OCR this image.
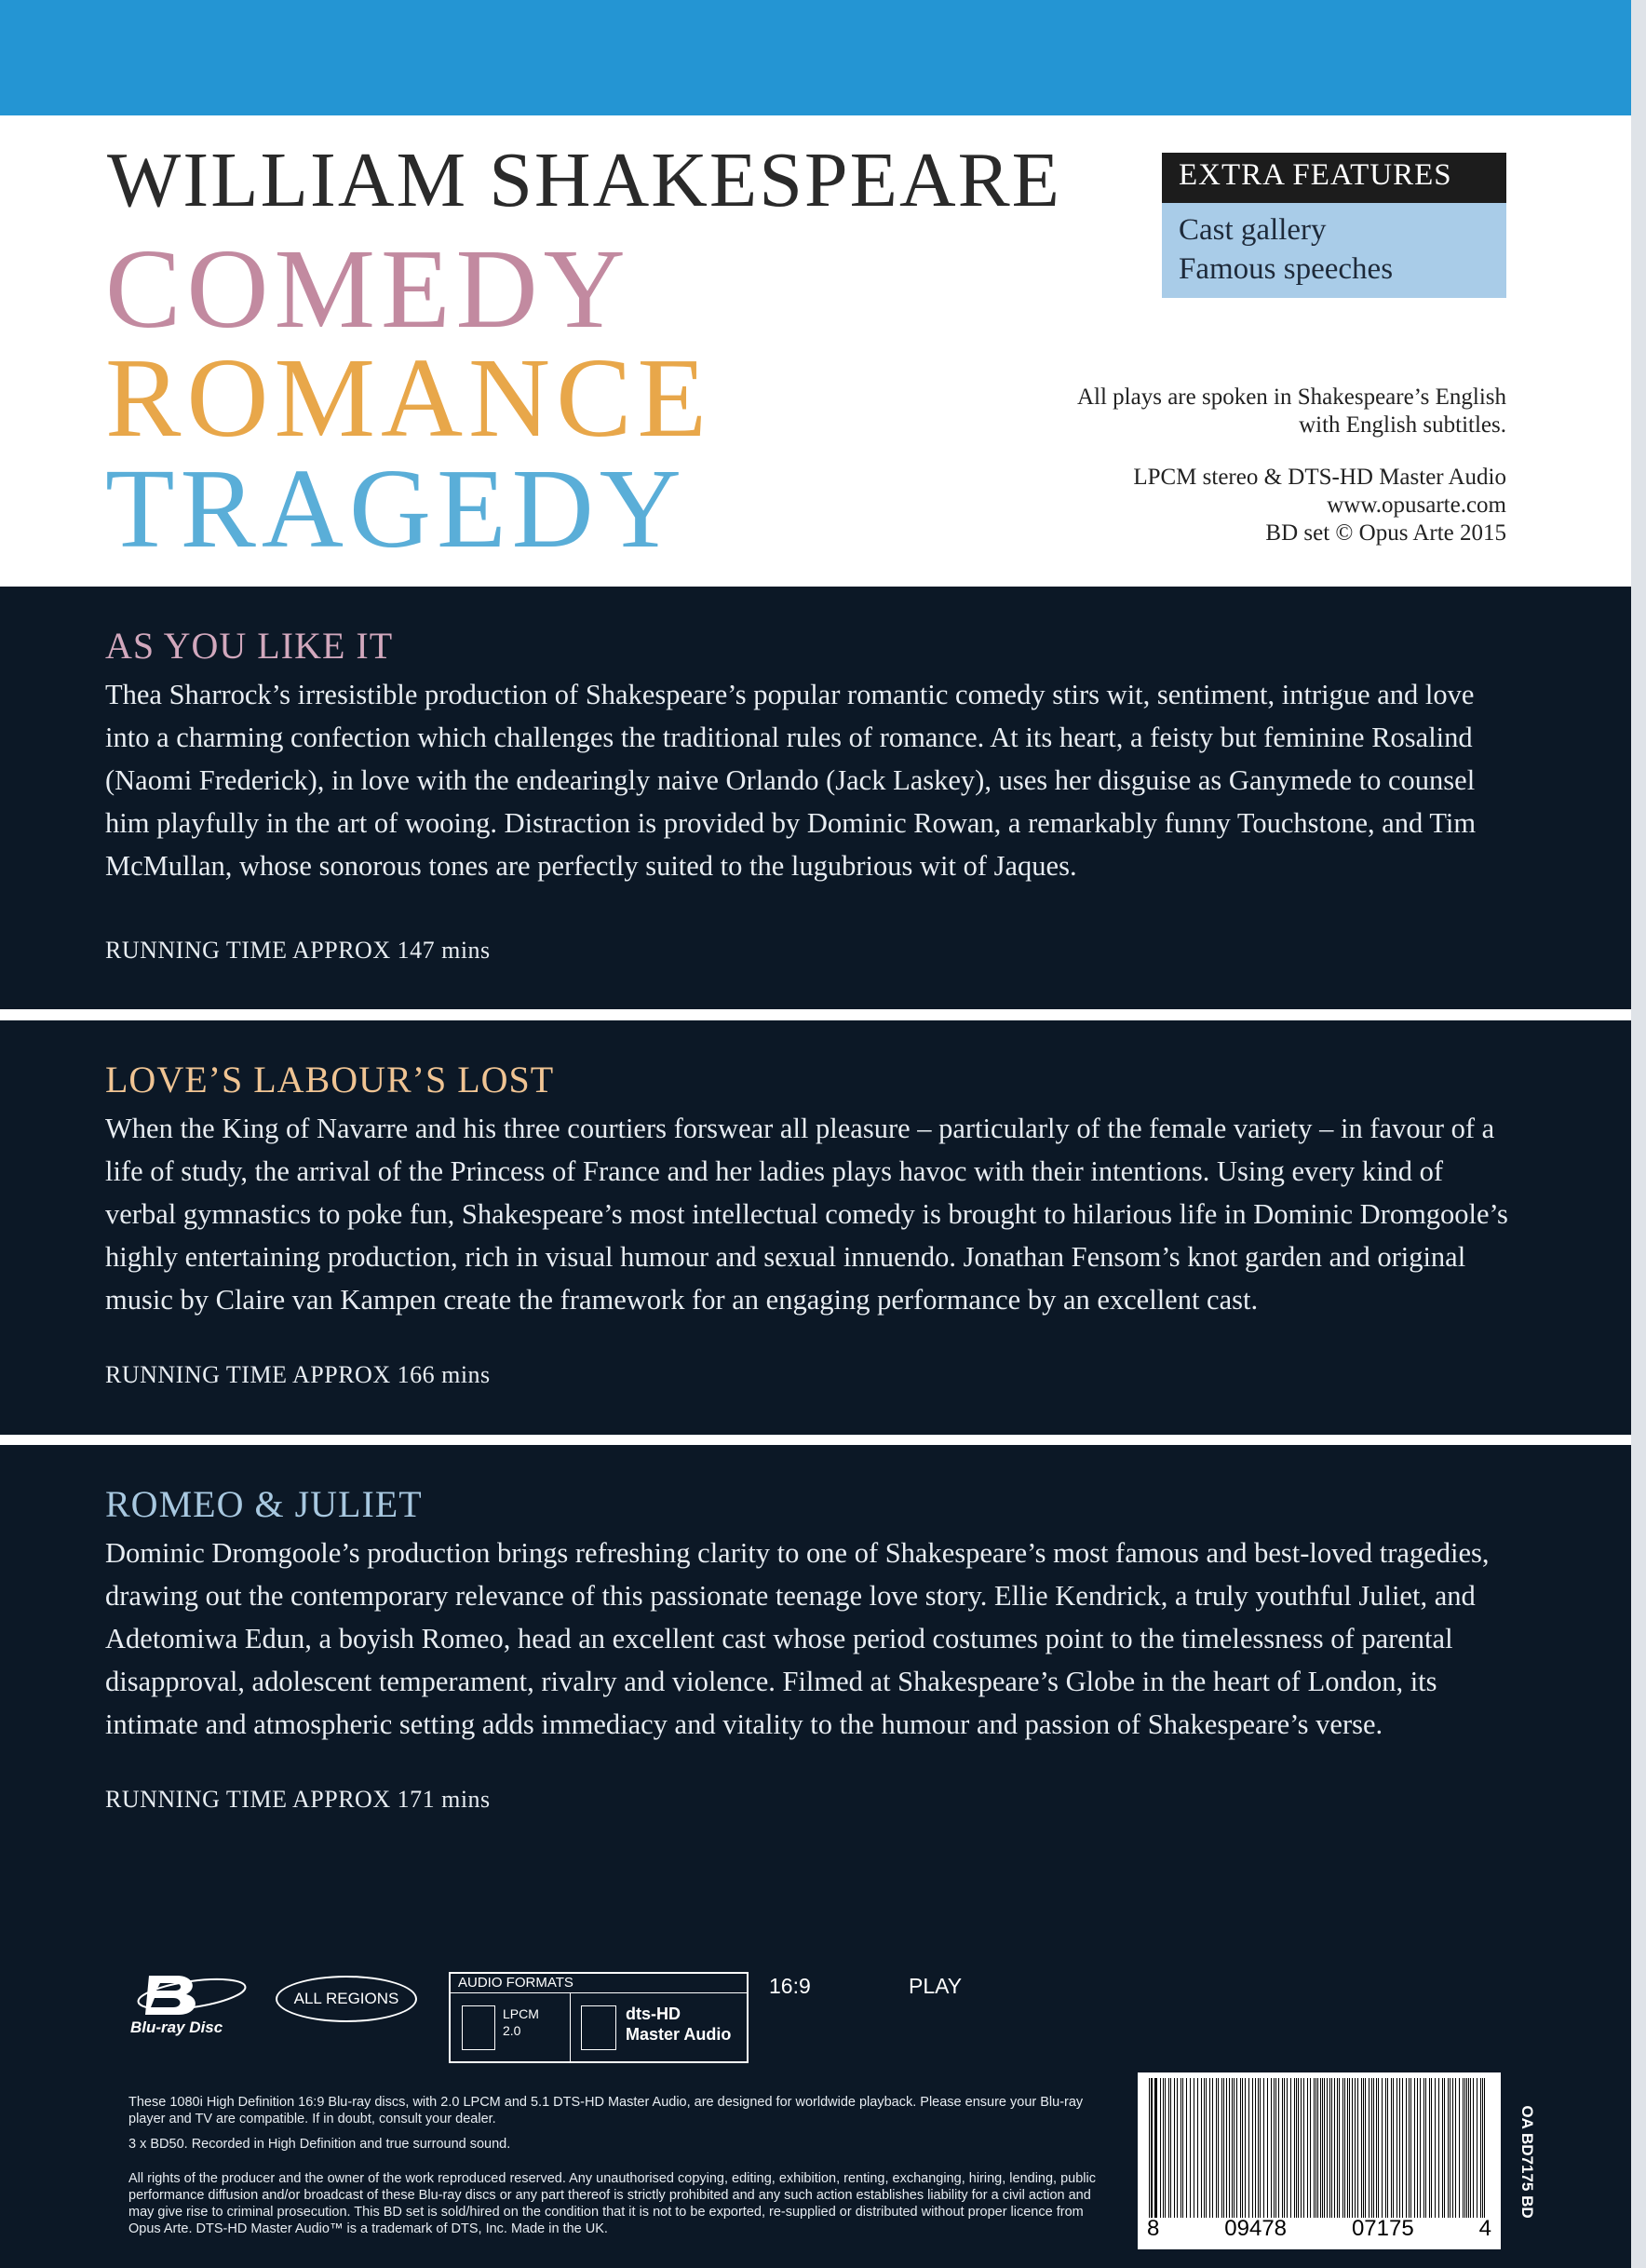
WILLIAM SHAKESPEARE
COMEDY
ROMANCE
TRAGEDY
EXTRA FEATURES
Cast gallery
Famous speeches
All plays are spoken in Shakespeare’s English
with English subtitles.
LPCM stereo & DTS-HD Master Audio
www.opusarte.com
BD set © Opus Arte 2015
AS YOU LIKE IT
Thea Sharrock’s irresistible production of Shakespeare’s popular romantic comedy stirs wit, sentiment, intrigue and love into a charming confection which challenges the traditional rules of romance. At its heart, a feisty but feminine Rosalind (Naomi Frederick), in love with the endearingly naive Orlando (Jack Laskey), uses her disguise as Ganymede to counsel him playfully in the art of wooing. Distraction is provided by Dominic Rowan, a remarkably funny Touchstone, and Tim McMullan, whose sonorous tones are perfectly suited to the lugubrious wit of Jaques.
RUNNING TIME APPROX 147 mins
LOVE’S LABOUR’S LOST
When the King of Navarre and his three courtiers forswear all pleasure – particularly of the female variety – in favour of a life of study, the arrival of the Princess of France and her ladies plays havoc with their intentions. Using every kind of verbal gymnastics to poke fun, Shakespeare’s most intellectual comedy is brought to hilarious life in Dominic Dromgoole’s highly entertaining production, rich in visual humour and sexual innuendo. Jonathan Fensom’s knot garden and original music by Claire van Kampen create the framework for an engaging performance by an excellent cast.
RUNNING TIME APPROX 166 mins
ROMEO & JULIET
Dominic Dromgoole’s production brings refreshing clarity to one of Shakespeare’s most famous and best-loved tragedies, drawing out the contemporary relevance of this passionate teenage love story. Ellie Kendrick, a truly youthful Juliet, and Adetomiwa Edun, a boyish Romeo, head an excellent cast whose period costumes point to the timelessness of parental disapproval, adolescent temperament, rivalry and violence. Filmed at Shakespeare’s Globe in the heart of London, its intimate and atmospheric setting adds immediacy and vitality to the humour and passion of Shakespeare’s verse.
RUNNING TIME APPROX 171 mins
Blu-ray Disc
ALL REGIONS
AUDIO FORMATS
LPCM
2.0
dts-HD
Master Audio
16:9	PLAY
These 1080i High Definition 16:9 Blu-ray discs, with 2.0 LPCM and 5.1 DTS-HD Master Audio, are designed for worldwide playback. Please ensure your Blu-ray player and TV are compatible. If in doubt, consult your dealer.
3 x BD50. Recorded in High Definition and true surround sound.
All rights of the producer and the owner of the work reproduced reserved. Any unauthorised copying, editing, exhibition, renting, exchanging, hiring, lending, public performance diffusion and/or broadcast of these Blu-ray discs or any part thereof is strictly prohibited and any such action establishes liability for a civil action and may give rise to criminal prosecution. This BD set is sold/hired on the condition that it is not to be exported, re-supplied or distributed without proper licence from Opus Arte. DTS-HD Master Audio™ is a trademark of DTS, Inc. Made in the UK.	8	09478	07175	4
OA BD7175 BD
